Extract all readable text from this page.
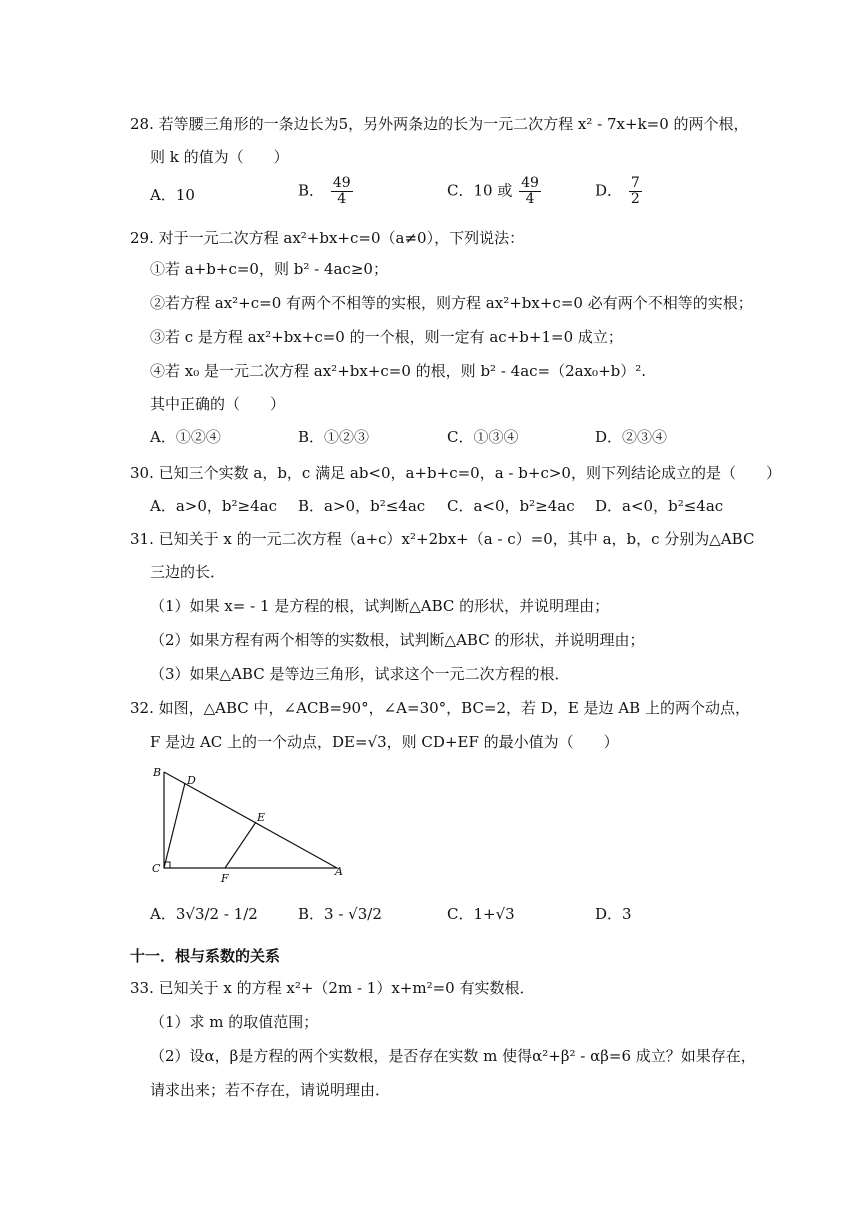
28. 若等腰三角形的一条边长为5，另外两条边的长为一元二次方程 x² - 7x+k=0 的两个根，
则 k 的值为（　　）
A．10	B． $\frac{49}{4}$	C．10 或 $\frac{49}{4}$	D． $\frac{7}{2}$
29. 对于一元二次方程 ax²+bx+c=0（a≠0），下列说法：
①若 a+b+c=0，则 b² - 4ac≥0；
②若方程 ax²+c=0 有两个不相等的实根，则方程 ax²+bx+c=0 必有两个不相等的实根；
③若 c 是方程 ax²+bx+c=0 的一个根，则一定有 ac+b+1=0 成立；
④若 x₀ 是一元二次方程 ax²+bx+c=0 的根，则 b² - 4ac=（2ax₀+b）².
其中正确的（　　）
A．①②④	B．①②③	C．①③④	D．②③④
30. 已知三个实数 a，b，c 满足 ab<0，a+b+c=0，a - b+c>0，则下列结论成立的是（　　）
A．a>0，b²≥4ac B．a>0，b²≤4ac C．a<0，b²≥4ac D．a<0，b²≤4ac
31. 已知关于 x 的一元二次方程（a+c）x²+2bx+（a - c）=0，其中 a，b，c 分别为△ABC
三边的长．
（1）如果 x= - 1 是方程的根，试判断△ABC 的形状，并说明理由；
（2）如果方程有两个相等的实数根，试判断△ABC 的形状，并说明理由；
（3）如果△ABC 是等边三角形，试求这个一元二次方程的根．
32. 如图，△ABC 中，∠ACB=90°，∠A=30°，BC=2，若 D，E 是边 AB 上的两个动点，
F 是边 AC 上的一个动点，DE=√3，则 CD+EF 的最小值为（　　）
B
D
E
C
F
A
A．3√3/2 - 1/2	B．3 - √3/2	C．1+√3	D．3
十一．根与系数的关系
33. 已知关于 x 的方程 x²+（2m - 1）x+m²=0 有实数根．
（1）求 m 的取值范围；
（2）设α，β是方程的两个实数根，是否存在实数 m 使得α²+β² - αβ=6 成立？如果存在，
请求出来；若不存在，请说明理由．
